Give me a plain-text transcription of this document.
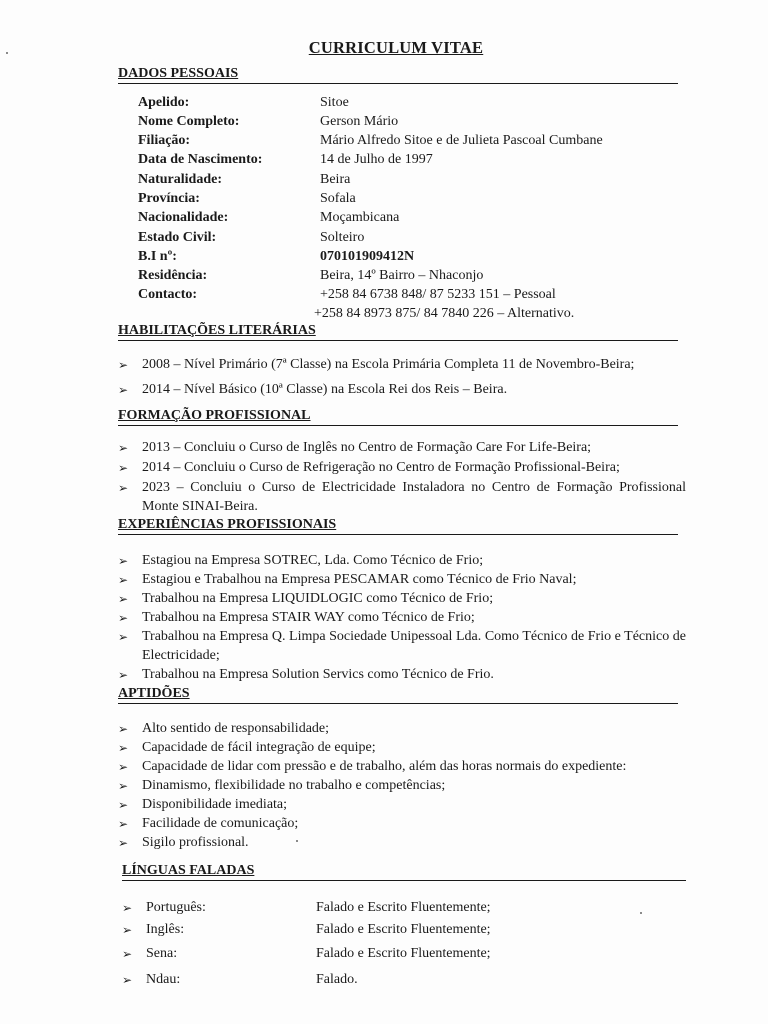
CURRICULUM VITAE
DADOS PESSOAIS
Apelido:	Sitoe
Nome Completo:	Gerson Mário
Filiação:	Mário Alfredo Sitoe e de Julieta Pascoal Cumbane
Data de Nascimento:	14 de Julho de 1997
Naturalidade:	Beira
Província:	Sofala
Nacionalidade:	Moçambicana
Estado Civil:	Solteiro
B.I nº:	070101909412N
Residência:	Beira, 14º Bairro – Nhaconjo
Contacto:	+258 84 6738 848/ 87 5233 151 – Pessoal
+258 84 8973 875/ 84 7840 226 – Alternativo.
HABILITAÇÕES LITERÁRIAS
➢ 2008 – Nível Primário (7ª Classe) na Escola Primária Completa 11 de Novembro-Beira;
➢ 2014 – Nível Básico (10ª Classe) na Escola Rei dos Reis – Beira.
FORMAÇÃO PROFISSIONAL
➢ 2013 – Concluiu o Curso de Inglês no Centro de Formação Care For Life-Beira;
➢ 2014 – Concluiu o Curso de Refrigeração no Centro de Formação Profissional-Beira;
➢ 2023 – Concluiu o Curso de Electricidade Instaladora no Centro de Formação Profissional Monte SINAI-Beira.
EXPERIÊNCIAS PROFISSIONAIS
➢ Estagiou na Empresa SOTREC, Lda. Como Técnico de Frio;
➢ Estagiou e Trabalhou na Empresa PESCAMAR como Técnico de Frio Naval;
➢ Trabalhou na Empresa LIQUIDLOGIC como Técnico de Frio;
➢ Trabalhou na Empresa STAIR WAY como Técnico de Frio;
➢ Trabalhou na Empresa Q. Limpa Sociedade Unipessoal Lda. Como Técnico de Frio e Técnico de Electricidade;
➢ Trabalhou na Empresa Solution Servics como Técnico de Frio.
APTIDÕES
➢ Alto sentido de responsabilidade;
➢ Capacidade de fácil integração de equipe;
➢ Capacidade de lidar com pressão e de trabalho, além das horas normais do expediente:
➢ Dinamismo, flexibilidade no trabalho e competências;
➢ Disponibilidade imediata;
➢ Facilidade de comunicação;
➢ Sigilo profissional.
LÍNGUAS FALADAS
➢ Português:	Falado e Escrito Fluentemente;
➢ Inglês:	Falado e Escrito Fluentemente;
➢ Sena:	Falado e Escrito Fluentemente;
➢ Ndau:	Falado.
